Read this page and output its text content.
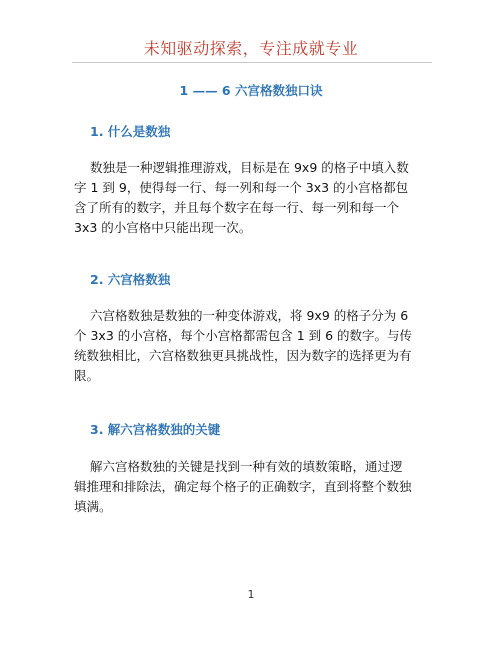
未知驱动探索，专注成就专业
1 —— 6 六宫格数独口诀
1. 什么是数独
数独是一种逻辑推理游戏，目标是在 9x9 的格子中填入数
字 1 到 9，使得每一行、每一列和每一个 3x3 的小宫格都包
含了所有的数字，并且每个数字在每一行、每一列和每一个
3x3 的小宫格中只能出现一次。
2. 六宫格数独
六宫格数独是数独的一种变体游戏，将 9x9 的格子分为 6
个 3x3 的小宫格，每个小宫格都需包含 1 到 6 的数字。与传
统数独相比，六宫格数独更具挑战性，因为数字的选择更为有
限。
3. 解六宫格数独的关键
解六宫格数独的关键是找到一种有效的填数策略，通过逻
辑推理和排除法，确定每个格子的正确数字，直到将整个数独
填满。
1
